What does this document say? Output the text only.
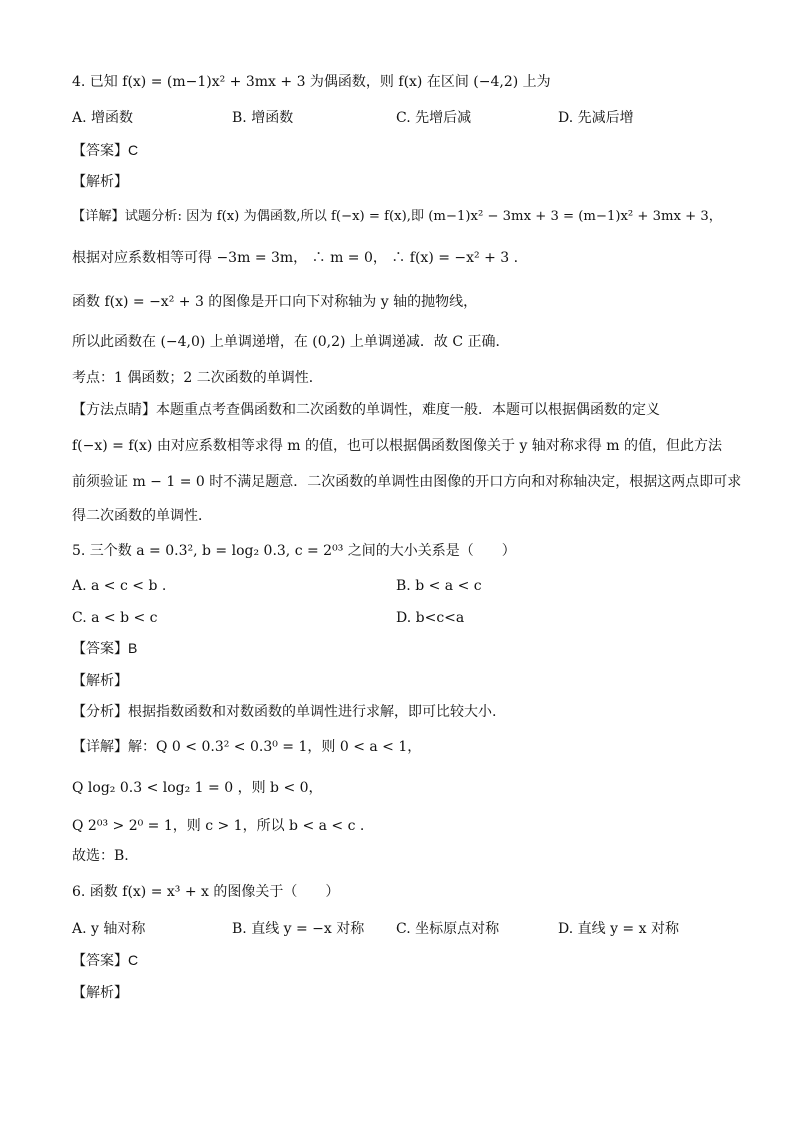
4. 已知 f(x) = (m−1)x² + 3mx + 3 为偶函数，则 f(x) 在区间 (−4,2) 上为
A. 增函数	B. 增函数	C. 先增后减	D. 先减后增
【答案】C
【解析】
【详解】试题分析: 因为 f(x) 为偶函数,所以 f(−x) = f(x),即 (m−1)x² − 3mx + 3 = (m−1)x² + 3mx + 3，
根据对应系数相等可得 −3m = 3m， ∴ m = 0， ∴ f(x) = −x² + 3 .
函数 f(x) = −x² + 3 的图像是开口向下对称轴为 y 轴的抛物线，
所以此函数在 (−4,0) 上单调递增，在 (0,2) 上单调递减．故 C 正确．
考点：1 偶函数；2 二次函数的单调性．
【方法点睛】本题重点考查偶函数和二次函数的单调性，难度一般．本题可以根据偶函数的定义
f(−x) = f(x) 由对应系数相等求得 m 的值，也可以根据偶函数图像关于 y 轴对称求得 m 的值，但此方法
前须验证 m − 1 = 0 时不满足题意．二次函数的单调性由图像的开口方向和对称轴决定，根据这两点即可求
得二次函数的单调性．
5. 三个数 a = 0.3², b = log₂ 0.3, c = 2⁰³ 之间的大小关系是（　　）
A. a < c < b .	B. b < a < c
C. a < b < c	D. b<c<a
【答案】B
【解析】
【分析】根据指数函数和对数函数的单调性进行求解，即可比较大小.
【详解】解：Q 0 < 0.3² < 0.3⁰ = 1，则 0 < a < 1，
Q log₂ 0.3 < log₂ 1 = 0 ，则 b < 0，
Q 2⁰³ > 2⁰ = 1，则 c > 1，所以 b < a < c .
故选：B.
6. 函数 f(x) = x³ + x 的图像关于（　　）
A. y 轴对称	B. 直线 y = −x 对称 C. 坐标原点对称	D. 直线 y = x 对称
【答案】C
【解析】
